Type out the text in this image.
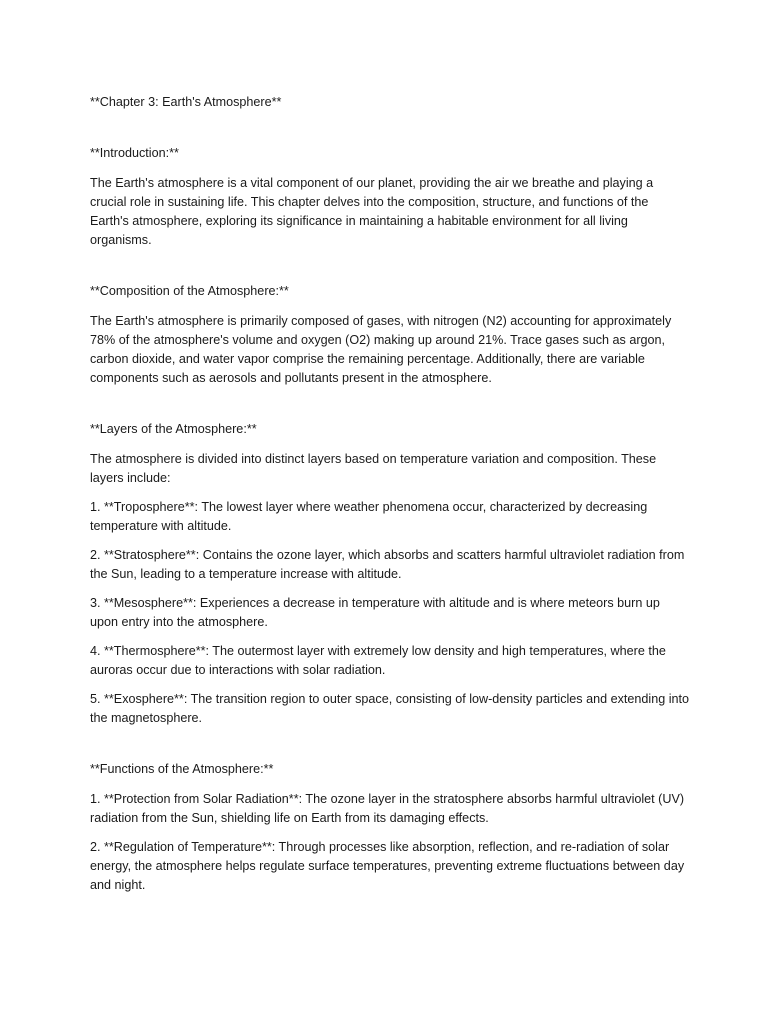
**Chapter 3: Earth's Atmosphere**

**Introduction:**

The Earth's atmosphere is a vital component of our planet, providing the air we breathe and playing a crucial role in sustaining life. This chapter delves into the composition, structure, and functions of the Earth's atmosphere, exploring its significance in maintaining a habitable environment for all living organisms.

**Composition of the Atmosphere:**

The Earth's atmosphere is primarily composed of gases, with nitrogen (N2) accounting for approximately 78% of the atmosphere's volume and oxygen (O2) making up around 21%. Trace gases such as argon, carbon dioxide, and water vapor comprise the remaining percentage. Additionally, there are variable components such as aerosols and pollutants present in the atmosphere.

**Layers of the Atmosphere:**

The atmosphere is divided into distinct layers based on temperature variation and composition. These layers include:

1. **Troposphere**: The lowest layer where weather phenomena occur, characterized by decreasing temperature with altitude.

2. **Stratosphere**: Contains the ozone layer, which absorbs and scatters harmful ultraviolet radiation from the Sun, leading to a temperature increase with altitude.

3. **Mesosphere**: Experiences a decrease in temperature with altitude and is where meteors burn up upon entry into the atmosphere.

4. **Thermosphere**: The outermost layer with extremely low density and high temperatures, where the auroras occur due to interactions with solar radiation.

5. **Exosphere**: The transition region to outer space, consisting of low-density particles and extending into the magnetosphere.

**Functions of the Atmosphere:**

1. **Protection from Solar Radiation**: The ozone layer in the stratosphere absorbs harmful ultraviolet (UV) radiation from the Sun, shielding life on Earth from its damaging effects.

2. **Regulation of Temperature**: Through processes like absorption, reflection, and re-radiation of solar energy, the atmosphere helps regulate surface temperatures, preventing extreme fluctuations between day and night.
